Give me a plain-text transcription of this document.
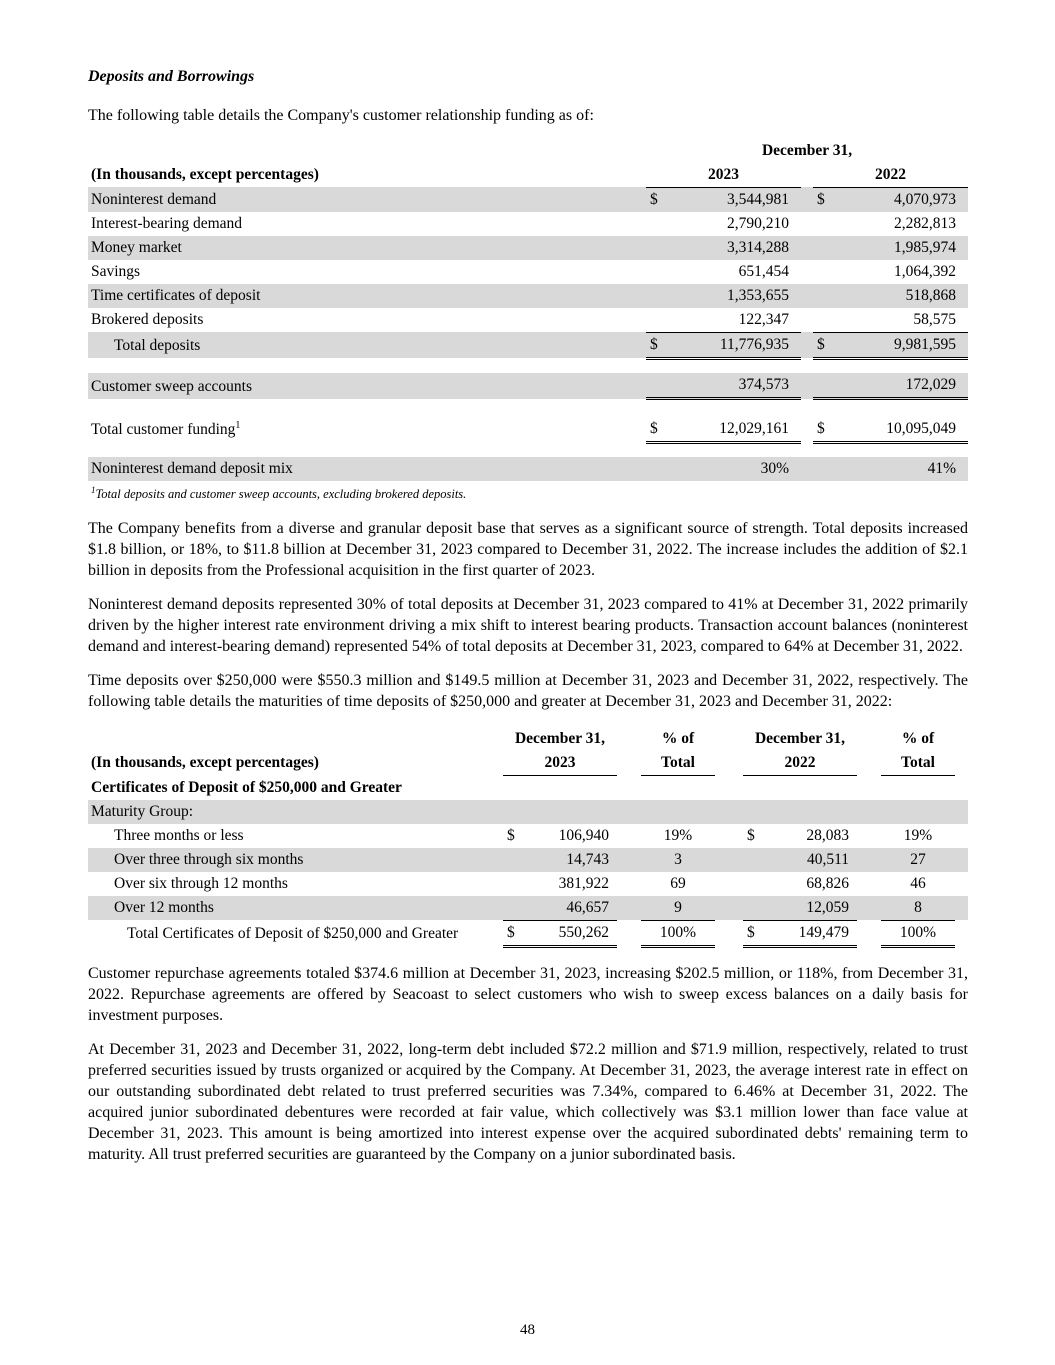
Deposits and Borrowings

The following table details the Company's customer relationship funding as of:

	December 31,						
(In thousands, except percentages)	2023				2022		
Noninterest demand	$	3,544,981			$	4,070,973	
Interest-bearing demand		2,790,210				2,282,813	
Money market		3,314,288				1,985,974	
Savings		651,454				1,064,392	
Time certificates of deposit		1,353,655				518,868	
Brokered deposits		122,347				58,575	
Total deposits	$	11,776,935			$	9,981,595	

Customer sweep accounts		374,573				172,029	

Total customer funding$^1$	$	12,029,161			$	10,095,049	

Noninterest demand deposit mix		30%				41%	
$^1$Total deposits and customer sweep accounts, excluding brokered deposits.

The Company benefits from a diverse and granular deposit base that serves as a significant source of strength. Total deposits increased $1.8 billion, or 18%, to $11.8 billion at December 31, 2023 compared to December 31, 2022. The increase includes the addition of $2.1 billion in deposits from the Professional acquisition in the first quarter of 2023.

Noninterest demand deposits represented 30% of total deposits at December 31, 2023 compared to 41% at December 31, 2022 primarily driven by the higher interest rate environment driving a mix shift to interest bearing products. Transaction account balances (noninterest demand and interest-bearing demand) represented 54% of total deposits at December 31, 2023, compared to 64% at December 31, 2022.

Time deposits over $250,000 were $550.3 million and $149.5 million at December 31, 2023 and December 31, 2022, respectively. The following table details the maturities of time deposits of $250,000 and greater at December 31, 2023 and December 31, 2022:

	December 31,				% of		December 31,				% of	
(In thousands, except percentages)	2023				Total		2022				Total	
Certificates of Deposit of $250,000 and Greater												
Maturity Group:												
Three months or less	$	106,940			19%		$	28,083			19%	
Over three through six months		14,743			3			40,511			27	
Over six through 12 months		381,922			69			68,826			46	
Over 12 months		46,657			9			12,059			8	
Total Certificates of Deposit of $250,000 and Greater	$	550,262			100%		$	149,479			100%	

Customer repurchase agreements totaled $374.6 million at December 31, 2023, increasing $202.5 million, or 118%, from December 31, 2022. Repurchase agreements are offered by Seacoast to select customers who wish to sweep excess balances on a daily basis for investment purposes.

At December 31, 2023 and December 31, 2022, long-term debt included $72.2 million and $71.9 million, respectively, related to trust preferred securities issued by trusts organized or acquired by the Company. At December 31, 2023, the average interest rate in effect on our outstanding subordinated debt related to trust preferred securities was 7.34%, compared to 6.46% at December 31, 2022. The acquired junior subordinated debentures were recorded at fair value, which collectively was $3.1 million lower than face value at December 31, 2023. This amount is being amortized into interest expense over the acquired subordinated debts' remaining term to maturity. All trust preferred securities are guaranteed by the Company on a junior subordinated basis.

48
